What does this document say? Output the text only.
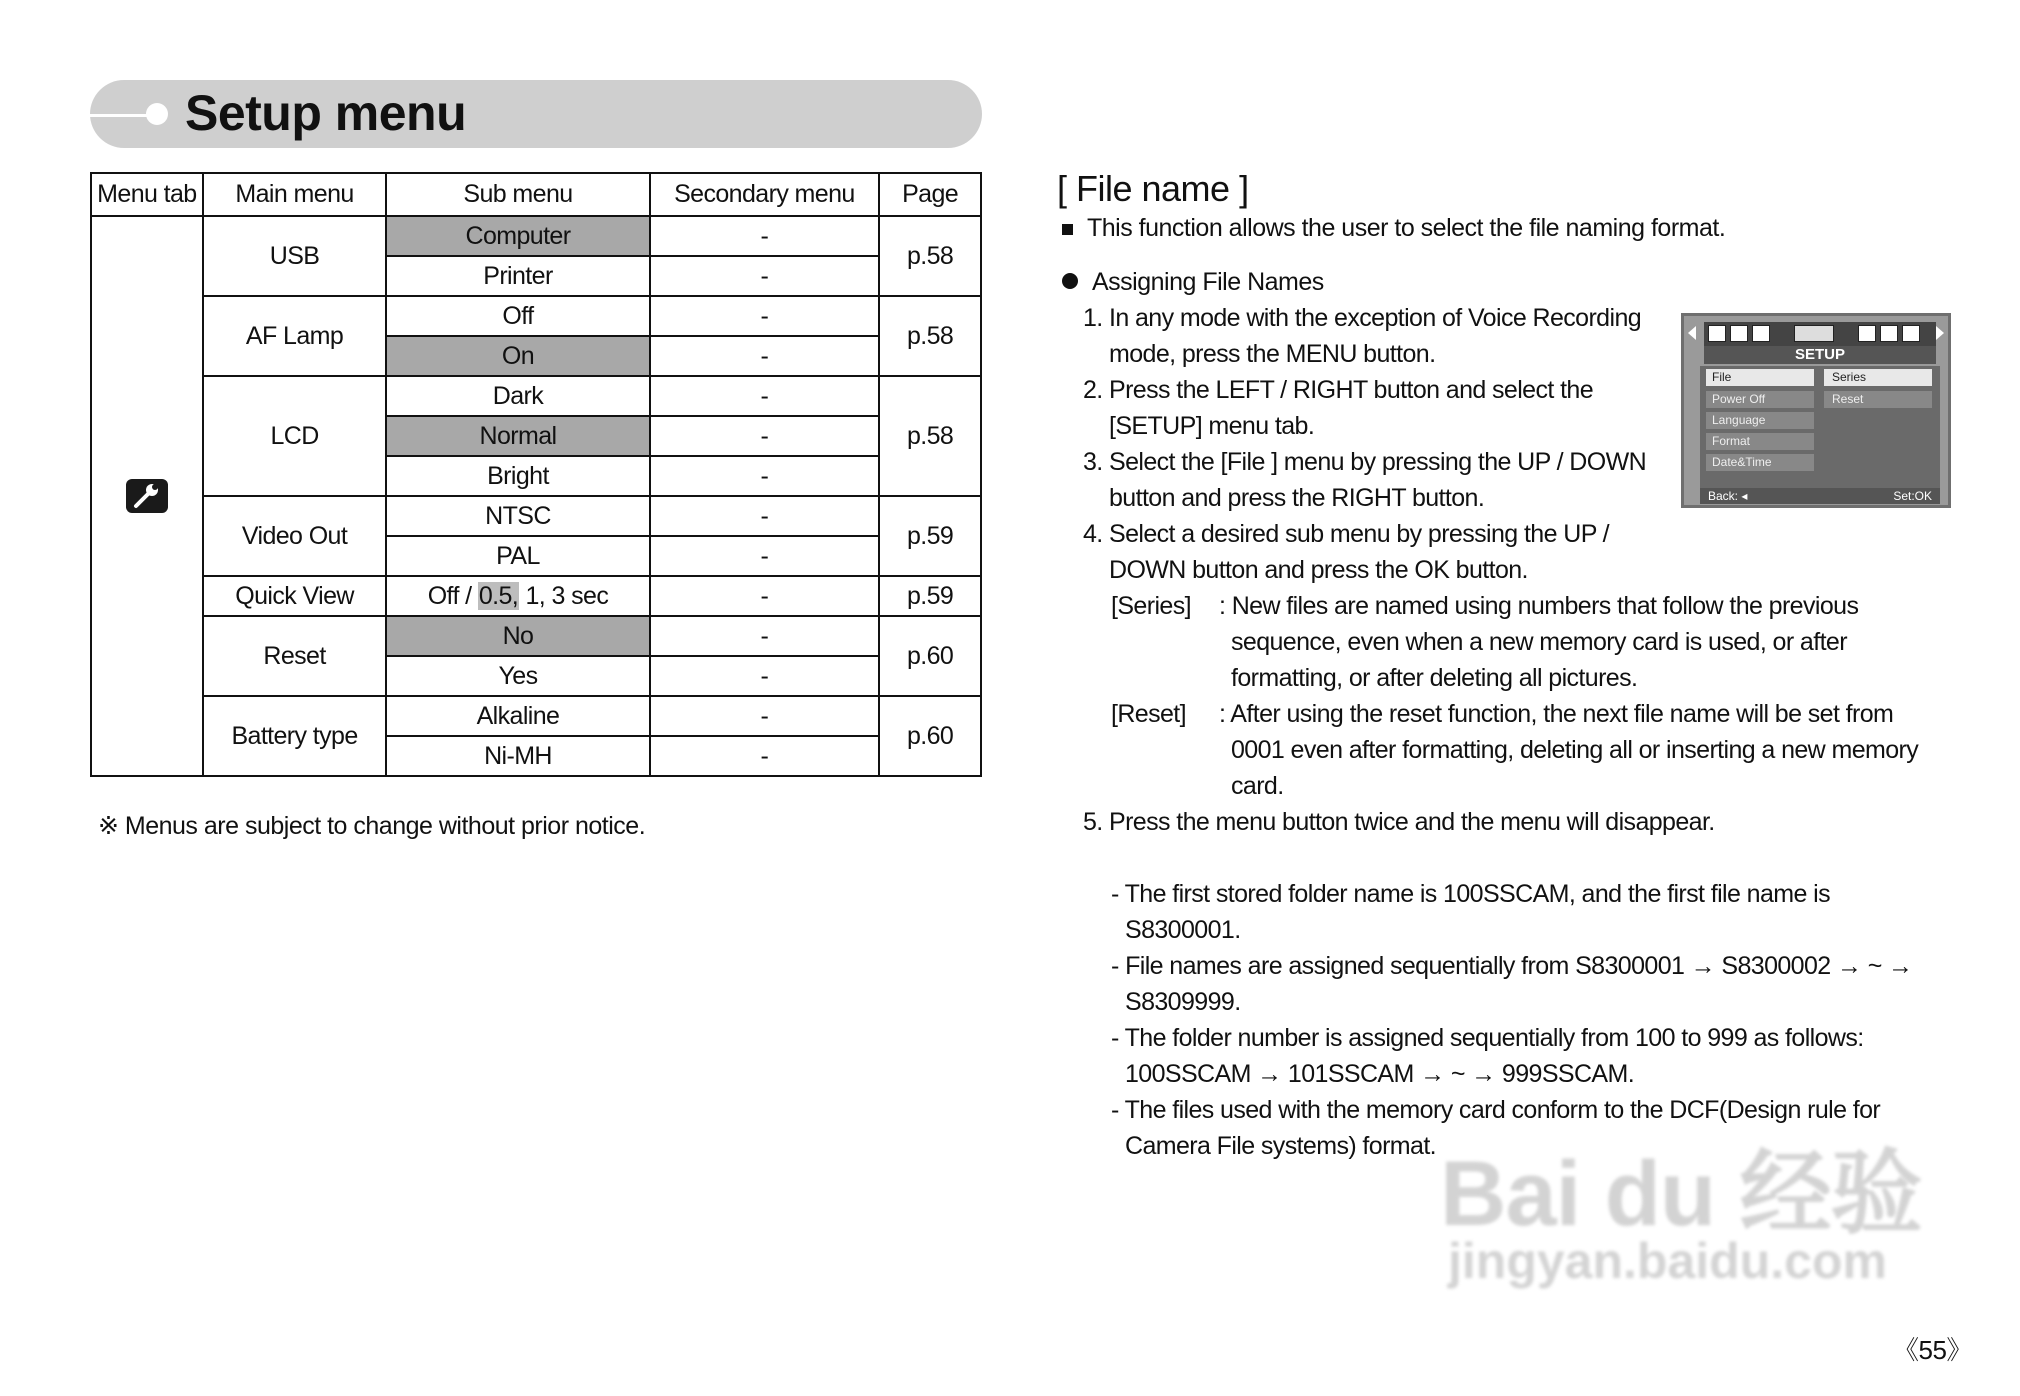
Setup menu
Menu tab	Main menu	Sub menu	Secondary menu	Page

	USB	Computer	-	p.58
		Printer	-	
	AF Lamp	Off	-	p.58
		On	-	
	LCD	Dark	-	p.58
		Normal	-	
		Bright	-	
	Video Out	NTSC	-	p.59
		PAL	-	
	Quick View	Off / 0.5, 1, 3 sec	-	p.59
	Reset	No	-	p.60
		Yes	-	
	Battery type	Alkaline	-	p.60
		Ni-MH	-	
※ Menus are subject to change without prior notice.
[ File name ]
This function allows the user to select the file naming format.
Assigning File Names
1. In any mode with the exception of Voice Recording
mode, press the MENU button.
2. Press the LEFT / RIGHT button and select the
[SETUP] menu tab.
3. Select the [File ] menu by pressing the UP / DOWN
button and press the RIGHT button.
4. Select a desired sub menu by pressing the UP /
DOWN button and press the OK button.
[Series] : New files are named using numbers that follow the previous
sequence, even when a new memory card is used, or after
formatting, or after deleting all pictures.
[Reset] : After using the reset function, the next file name will be set from
0001 even after formatting, deleting all or inserting a new memory
card.
5. Press the menu button twice and the menu will disappear.
- The first stored folder name is 100SSCAM, and the first file name is
S8300001.
- File names are assigned sequentially from S8300001 → S8300002 → ~ →
S8309999.
- The folder number is assigned sequentially from 100 to 999 as follows:
100SSCAM → 101SSCAM → ~ → 999SSCAM.
- The files used with the memory card conform to the DCF(Design rule for
Camera File systems) format.
SETUP
File
Power Off
Language
Format
Date&Time
Series
Reset
Back: ◂	Set:OK
Bai du 经验
jingyan.baidu.com
《55》
